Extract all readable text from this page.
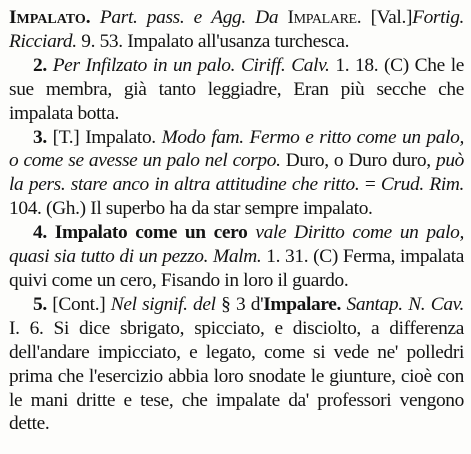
Impalato. Part. pass. e Agg. Da Impalare. [Val.]Fortig. Ricciard. 9. 53. Impalato all'usanza turchesca.

2. Per Infilzato in un palo. Ciriff. Calv. 1. 18. (C) Che le sue membra, già tanto leggiadre, Eran più secche che impalata botta.

3. [T.] Impalato. Modo fam. Fermo e ritto come un palo, o come se avesse un palo nel corpo. Duro, o Duro duro, può la pers. stare anco in altra attitudine che ritto. = Crud. Rim. 104. (Gh.) Il superbo ha da star sempre impalato.

4. Impalato come un cero vale Diritto come un palo, quasi sia tutto di un pezzo. Malm. 1. 31. (C) Ferma, impalata quivi come un cero, Fisando in loro il guardo.

5. [Cont.] Nel signif. del § 3 d'Impalare. Santap. N. Cav. I. 6. Si dice sbrigato, spicciato, e disciolto, a differenza dell'andare impicciato, e legato, come si vede ne' polledri prima che l'esercizio abbia loro snodate le giunture, cioè con le mani dritte e tese, che impalate da' professori vengono dette.
